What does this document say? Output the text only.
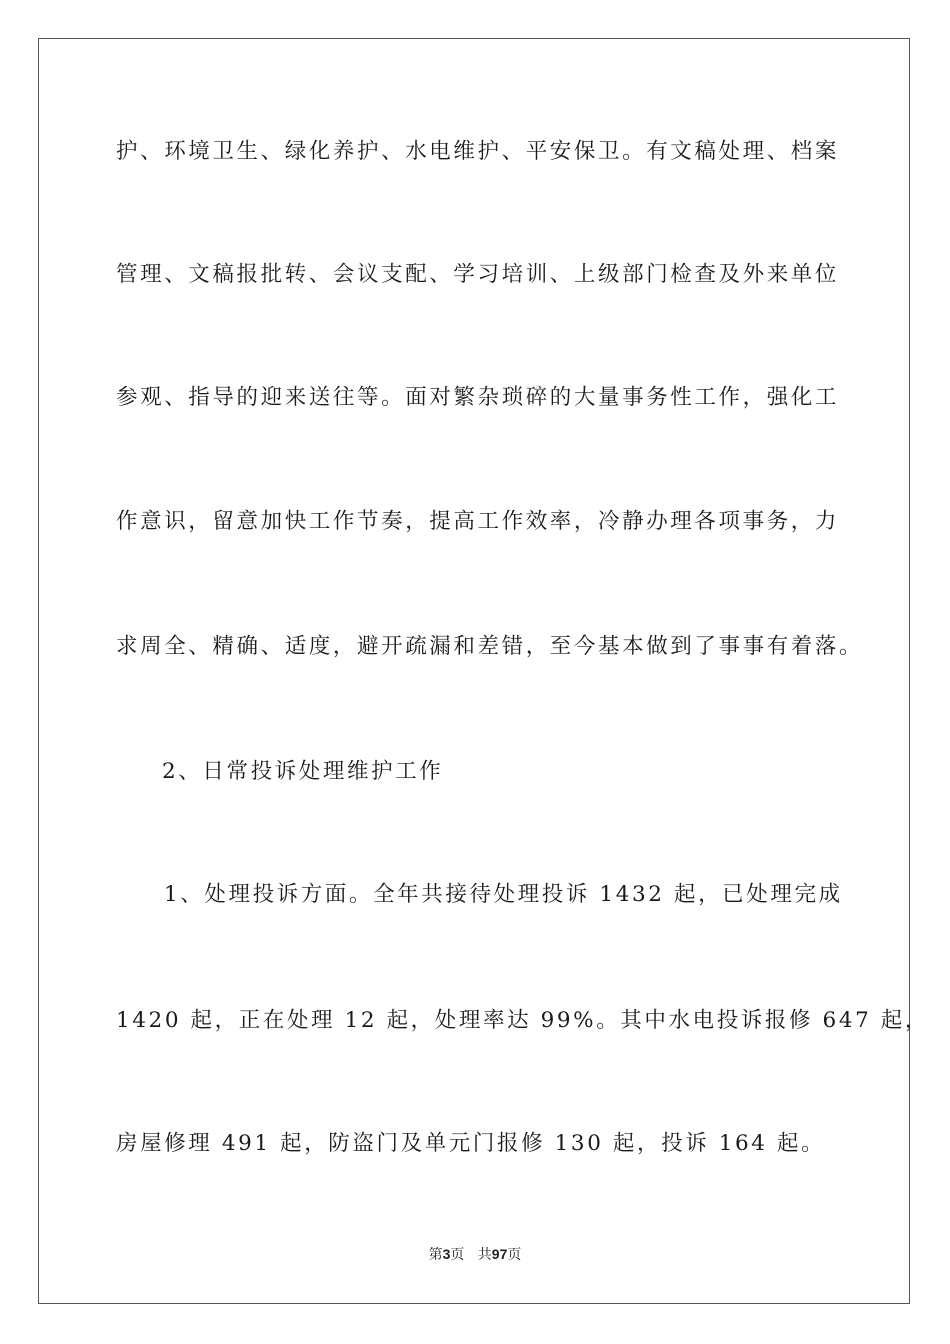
护、环境卫生、绿化养护、水电维护、平安保卫。有文稿处理、档案
管理、文稿报批转、会议支配、学习培训、上级部门检查及外来单位
参观、指导的迎来送往等。面对繁杂琐碎的大量事务性工作，强化工
作意识，留意加快工作节奏，提高工作效率，冷静办理各项事务，力
求周全、精确、适度，避开疏漏和差错，至今基本做到了事事有着落。
2、日常投诉处理维护工作
1、处理投诉方面。全年共接待处理投诉 1432 起，已处理完成
1420 起，正在处理 12 起，处理率达 99%。其中水电投诉报修 647 起，
房屋修理 491 起，防盗门及单元门报修 130 起，投诉 164 起。
第3页 共97页
